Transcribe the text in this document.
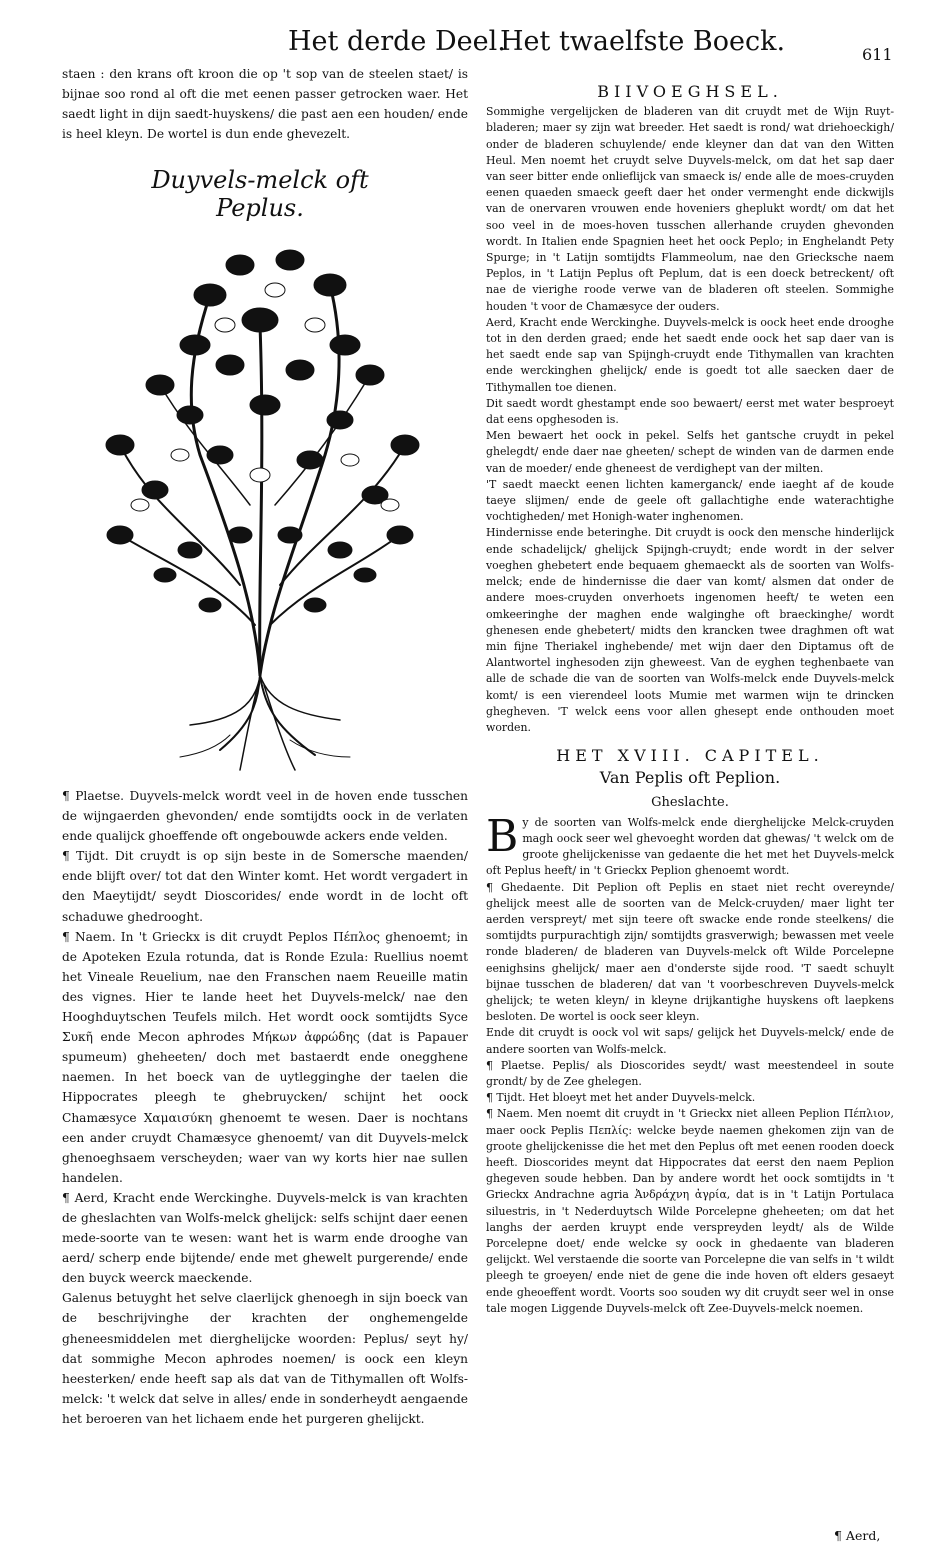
Het derde Deel.
Het twaelfste Boeck.	611

staen : den krans oft kroon die op 't sop van de steelen staet/ is bijnae soo rond al oft die met eenen passer getrocken waer. Het saedt light in dijn saedt-huyskens/ die past aen een houden/ ende is heel kleyn. De wortel is dun ende ghevezelt.

Duyvels-melck oft Peplus.

¶ Plaetse. Duyvels-melck wordt veel in de hoven ende tusschen de wijngaerden ghevonden/ ende somtijdts oock in de verlaten ende qualijck ghoeffende oft ongebouwde ackers ende velden.

¶ Tijdt. Dit cruydt is op sijn beste in de Somersche maenden/ ende blijft over/ tot dat den Winter komt. Het wordt vergadert in den Maeytijdt/ seydt Dioscorides/ ende wordt in de locht oft schaduwe ghedrooght.

¶ Naem. In 't Grieckx is dit cruydt Peplos Πέπλος ghenoemt; in de Apoteken Ezula rotunda, dat is Ronde Ezula: Ruellius noemt het Vineale Reuelium, nae den Franschen naem Reueille matin des vignes. Hier te lande heet het Duyvels-melck/ nae den Hooghduytschen Teufels milch. Het wordt oock somtijdts Syce Συκῆ ende Mecon aphrodes Μήκων ἀφρώδης (dat is Papauer spumeum) gheheeten/ doch met bastaerdt ende onegghene naemen. In het boeck van de uytlegginghe der taelen die Hippocrates pleegh te ghebruycken/ schijnt het oock Chamæsyce Χαμαισύκη ghenoemt te wesen. Daer is nochtans een ander cruydt Chamæsyce ghenoemt/ van dit Duyvels-melck ghenoeghsaem verscheyden; waer van wy korts hier nae sullen handelen.

¶ Aerd, Kracht ende Werckinghe. Duyvels-melck is van krachten de gheslachten van Wolfs-melck ghelijck: selfs schijnt daer eenen mede-soorte van te wesen: want het is warm ende drooghe van aerd/ scherp ende bijtende/ ende met ghewelt purgerende/ ende den buyck weerck maeckende.

Galenus betuyght het selve claerlijck ghenoegh in sijn boeck van de beschrijvinghe der krachten der onghemengelde gheneesmiddelen met dierghelijcke woorden: Peplus/ seyt hy/ dat sommighe Mecon aphrodes noemen/ is oock een kleyn heesterken/ ende heeft sap als dat van de Tithymallen oft Wolfs-melck: 't welck dat selve in alles/ ende in sonderheydt aengaende het beroeren van het lichaem ende het purgeren ghelijckt.

BIIVOEGHSEL.

Sommighe vergelijcken de bladeren van dit cruydt met de Wijn Ruyt-bladeren; maer sy zijn wat breeder. Het saedt is rond/ wat driehoeckigh/ onder de bladeren schuylende/ ende kleyner dan dat van den Witten Heul. Men noemt het cruydt selve Duyvels-melck, om dat het sap daer van seer bitter ende onlieflijck van smaeck is/ ende alle de moes-cruyden eenen quaeden smaeck geeft daer het onder vermenght ende dickwijls van de onervaren vrouwen ende hoveniers gheplukt wordt/ om dat het soo veel in de moes-hoven tusschen allerhande cruyden ghevonden wordt. In Italien ende Spagnien heet het oock Peplo; in Enghelandt Pety Spurge; in 't Latijn somtijdts Flammeolum, nae den Griecksche naem Peplos, in 't Latijn Peplus oft Peplum, dat is een doeck betreckent/ oft nae de vierighe roode verwe van de bladeren oft steelen. Sommighe houden 't voor de Chamæsyce der ouders.

Aerd, Kracht ende Werckinghe. Duyvels-melck is oock heet ende drooghe tot in den derden graed; ende het saedt ende oock het sap daer van is het saedt ende sap van Spijngh-cruydt ende Tithymallen van krachten ende werckinghen ghelijck/ ende is goedt tot alle saecken daer de Tithymallen toe dienen.

Dit saedt wordt ghestampt ende soo bewaert/ eerst met water besproeyt dat eens opghesoden is.

Men bewaert het oock in pekel. Selfs het gantsche cruydt in pekel ghelegdt/ ende daer nae gheeten/ schept de winden van de darmen ende van de moeder/ ende gheneest de verdighept van der milten.

'T saedt maeckt eenen lichten kamerganck/ ende iaeght af de koude taeye slijmen/ ende de geele oft gallachtighe ende waterachtighe vochtigheden/ met Honigh-water inghenomen.

Hindernisse ende beteringhe. Dit cruydt is oock den mensche hinderlijck ende schadelijck/ ghelijck Spijngh-cruydt; ende wordt in der selver voeghen ghebetert ende bequaem ghemaeckt als de soorten van Wolfs-melck; ende de hindernisse die daer van komt/ alsmen dat onder de andere moes-cruyden onverhoets ingenomen heeft/ te weten een omkeeringhe der maghen ende walginghe oft braeckinghe/ wordt ghenesen ende ghebetert/ midts den krancken twee draghmen oft wat min fijne Theriakel inghebende/ met wijn daer den Diptamus oft de Alantwortel inghesoden zijn gheweest. Van de eyghen teghenbaete van alle de schade die van de soorten van Wolfs-melck ende Duyvels-melck komt/ is een vierendeel loots Mumie met warmen wijn te drincken ghegheven. 'T welck eens voor allen ghesept ende onthouden moet worden.

HET XVIII. CAPITEL.
Van Peplis oft Peplion.
Gheslachte.

By de soorten van Wolfs-melck ende dierghelijcke Melck-cruyden magh oock seer wel ghevoeght worden dat ghewas/ 't welck om de groote ghelijckenisse van gedaente die het met het Duyvels-melck oft Peplus heeft/ in 't Grieckx Peplion ghenoemt wordt.

¶ Ghedaente. Dit Peplion oft Peplis en staet niet recht overeynde/ ghelijck meest alle de soorten van de Melck-cruyden/ maer light ter aerden verspreyt/ met sijn teere oft swacke ende ronde steelkens/ die somtijdts purpurachtigh zijn/ somtijdts grasverwigh; bewassen met veele ronde bladeren/ de bladeren van Duyvels-melck oft Wilde Porcelepne eenighsins ghelijck/ maer aen d'onderste sijde rood. 'T saedt schuylt bijnae tusschen de bladeren/ dat van 't voorbeschreven Duyvels-melck ghelijck; te weten kleyn/ in kleyne drijkantighe huyskens oft laepkens besloten. De wortel is oock seer kleyn.

Ende dit cruydt is oock vol wit saps/ gelijck het Duyvels-melck/ ende de andere soorten van Wolfs-melck.

¶ Plaetse. Peplis/ als Dioscorides seydt/ wast meestendeel in soute grondt/ by de Zee ghelegen.

¶ Tijdt. Het bloeyt met het ander Duyvels-melck.

¶ Naem. Men noemt dit cruydt in 't Grieckx niet alleen Peplion Πέπλιον, maer oock Peplis Πεπλίς: welcke beyde naemen ghekomen zijn van de groote ghelijckenisse die het met den Peplus oft met eenen rooden doeck heeft. Dioscorides meynt dat Hippocrates dat eerst den naem Peplion ghegeven soude hebben. Dan by andere wordt het oock somtijdts in 't Grieckx Andrachne agria Ἀνδράχνη ἀγρία, dat is in 't Latijn Portulaca siluestris, in 't Nederduytsch Wilde Porcelepne gheheeten; om dat het langhs der aerden kruypt ende verspreyden leydt/ als de Wilde Porcelepne doet/ ende welcke sy oock in ghedaente van bladeren gelijckt. Wel verstaende die soorte van Porcelepne die van selfs in 't wildt pleegh te groeyen/ ende niet de gene die inde hoven oft elders gesaeyt ende gheoeffent wordt. Voorts soo souden wy dit cruydt seer wel in onse tale mogen Liggende Duyvels-melck oft Zee-Duyvels-melck noemen.

¶ Aerd,
